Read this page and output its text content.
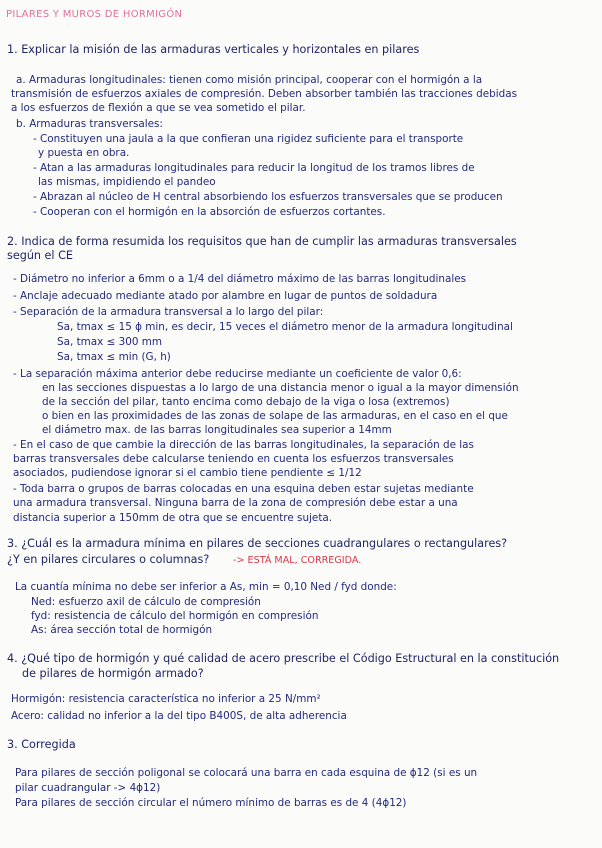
PILARES Y MUROS DE HORMIGÓN
1. Explicar la misión de las armaduras verticales y horizontales en pilares
a. Armaduras longitudinales: tienen como misión principal, cooperar con el hormigón a la
transmisión de esfuerzos axiales de compresión. Deben absorber también las tracciones debidas
a los esfuerzos de flexión a que se vea sometido el pilar.
b. Armaduras transversales:
- Constituyen una jaula a la que confieran una rigidez suficiente para el transporte
y puesta en obra.
- Atan a las armaduras longitudinales para reducir la longitud de los tramos libres de
las mismas, impidiendo el pandeo
- Abrazan al núcleo de H central absorbiendo los esfuerzos transversales que se producen
- Cooperan con el hormigón en la absorción de esfuerzos cortantes.
2. Indica de forma resumida los requisitos que han de cumplir las armaduras transversales
según el CE
- Diámetro no inferior a 6mm o a 1/4 del diámetro máximo de las barras longitudinales
- Anclaje adecuado mediante atado por alambre en lugar de puntos de soldadura
- Separación de la armadura transversal a lo largo del pilar:
Sa, tmax ≤ 15 ϕ min, es decir, 15 veces el diámetro menor de la armadura longitudinal
Sa, tmax ≤ 300 mm
Sa, tmax ≤ min (G, h)
- La separación máxima anterior debe reducirse mediante un coeficiente de valor 0,6:
en las secciones dispuestas a lo largo de una distancia menor o igual a la mayor dimensión
de la sección del pilar, tanto encima como debajo de la viga o losa (extremos)
o bien en las proximidades de las zonas de solape de las armaduras, en el caso en el que
el diámetro max. de las barras longitudinales sea superior a 14mm
- En el caso de que cambie la dirección de las barras longitudinales, la separación de las
barras transversales debe calcularse teniendo en cuenta los esfuerzos transversales
asociados, pudiendose ignorar si el cambio tiene pendiente ≤ 1/12
- Toda barra o grupos de barras colocadas en una esquina deben estar sujetas mediante
una armadura transversal. Ninguna barra de la zona de compresión debe estar a una
distancia superior a 150mm de otra que se encuentre sujeta.
3. ¿Cuál es la armadura mínima en pilares de secciones cuadrangulares o rectangulares?
¿Y en pilares circulares o columnas? -> ESTÁ MAL, CORREGIDA.
La cuantía mínima no debe ser inferior a As, min = 0,10 Ned / fyd donde:
Ned: esfuerzo axil de cálculo de compresión
fyd: resistencia de cálculo del hormigón en compresión
As: área sección total de hormigón
4. ¿Qué tipo de hormigón y qué calidad de acero prescribe el Código Estructural en la constitución
de pilares de hormigón armado?
Hormigón: resistencia característica no inferior a 25 N/mm²
Acero: calidad no inferior a la del tipo B400S, de alta adherencia
3. Corregida
Para pilares de sección poligonal se colocará una barra en cada esquina de ϕ12 (si es un
pilar cuadrangular -> 4ϕ12)
Para pilares de sección circular el número mínimo de barras es de 4 (4ϕ12)
